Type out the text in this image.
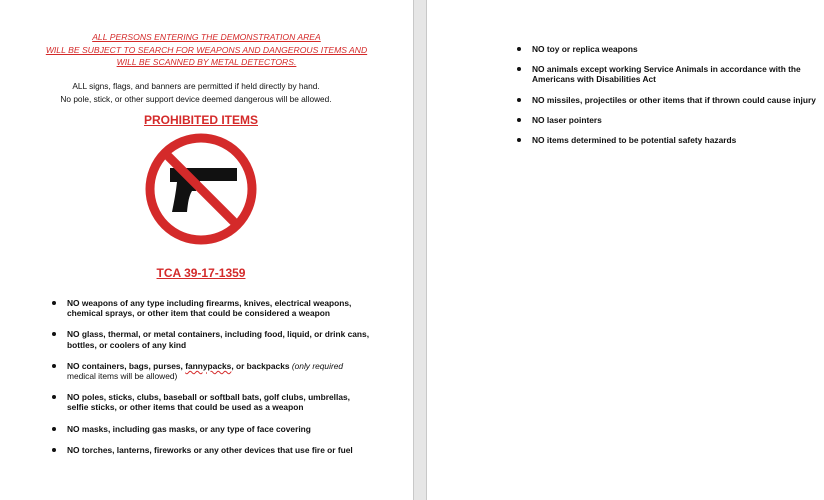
ALL PERSONS ENTERING THE DEMONSTRATION AREA
WILL BE SUBJECT TO SEARCH FOR WEAPONS AND DANGEROUS ITEMS AND
WILL BE SCANNED BY METAL DETECTORS.
ALL signs, flags, and banners are permitted if held directly by hand.
No pole, stick, or other support device deemed dangerous will be allowed.
PROHIBITED ITEMS
TCA 39-17-1359
NO weapons of any type including firearms, knives, electrical weapons, chemical sprays, or other item that could be considered a weapon
NO glass, thermal, or metal containers, including food, liquid, or drink cans, bottles, or coolers of any kind
NO containers, bags, purses, fannypacks, or backpacks (only required medical items will be allowed)
NO poles, sticks, clubs, baseball or softball bats, golf clubs, umbrellas, selfie sticks, or other items that could be used as a weapon
NO masks, including gas masks, or any type of face covering
NO torches, lanterns, fireworks or any other devices that use fire or fuel
NO toy or replica weapons
NO animals except working Service Animals in accordance with the Americans with Disabilities Act
NO missiles, projectiles or other items that if thrown could cause injury
NO laser pointers
NO items determined to be potential safety hazards
